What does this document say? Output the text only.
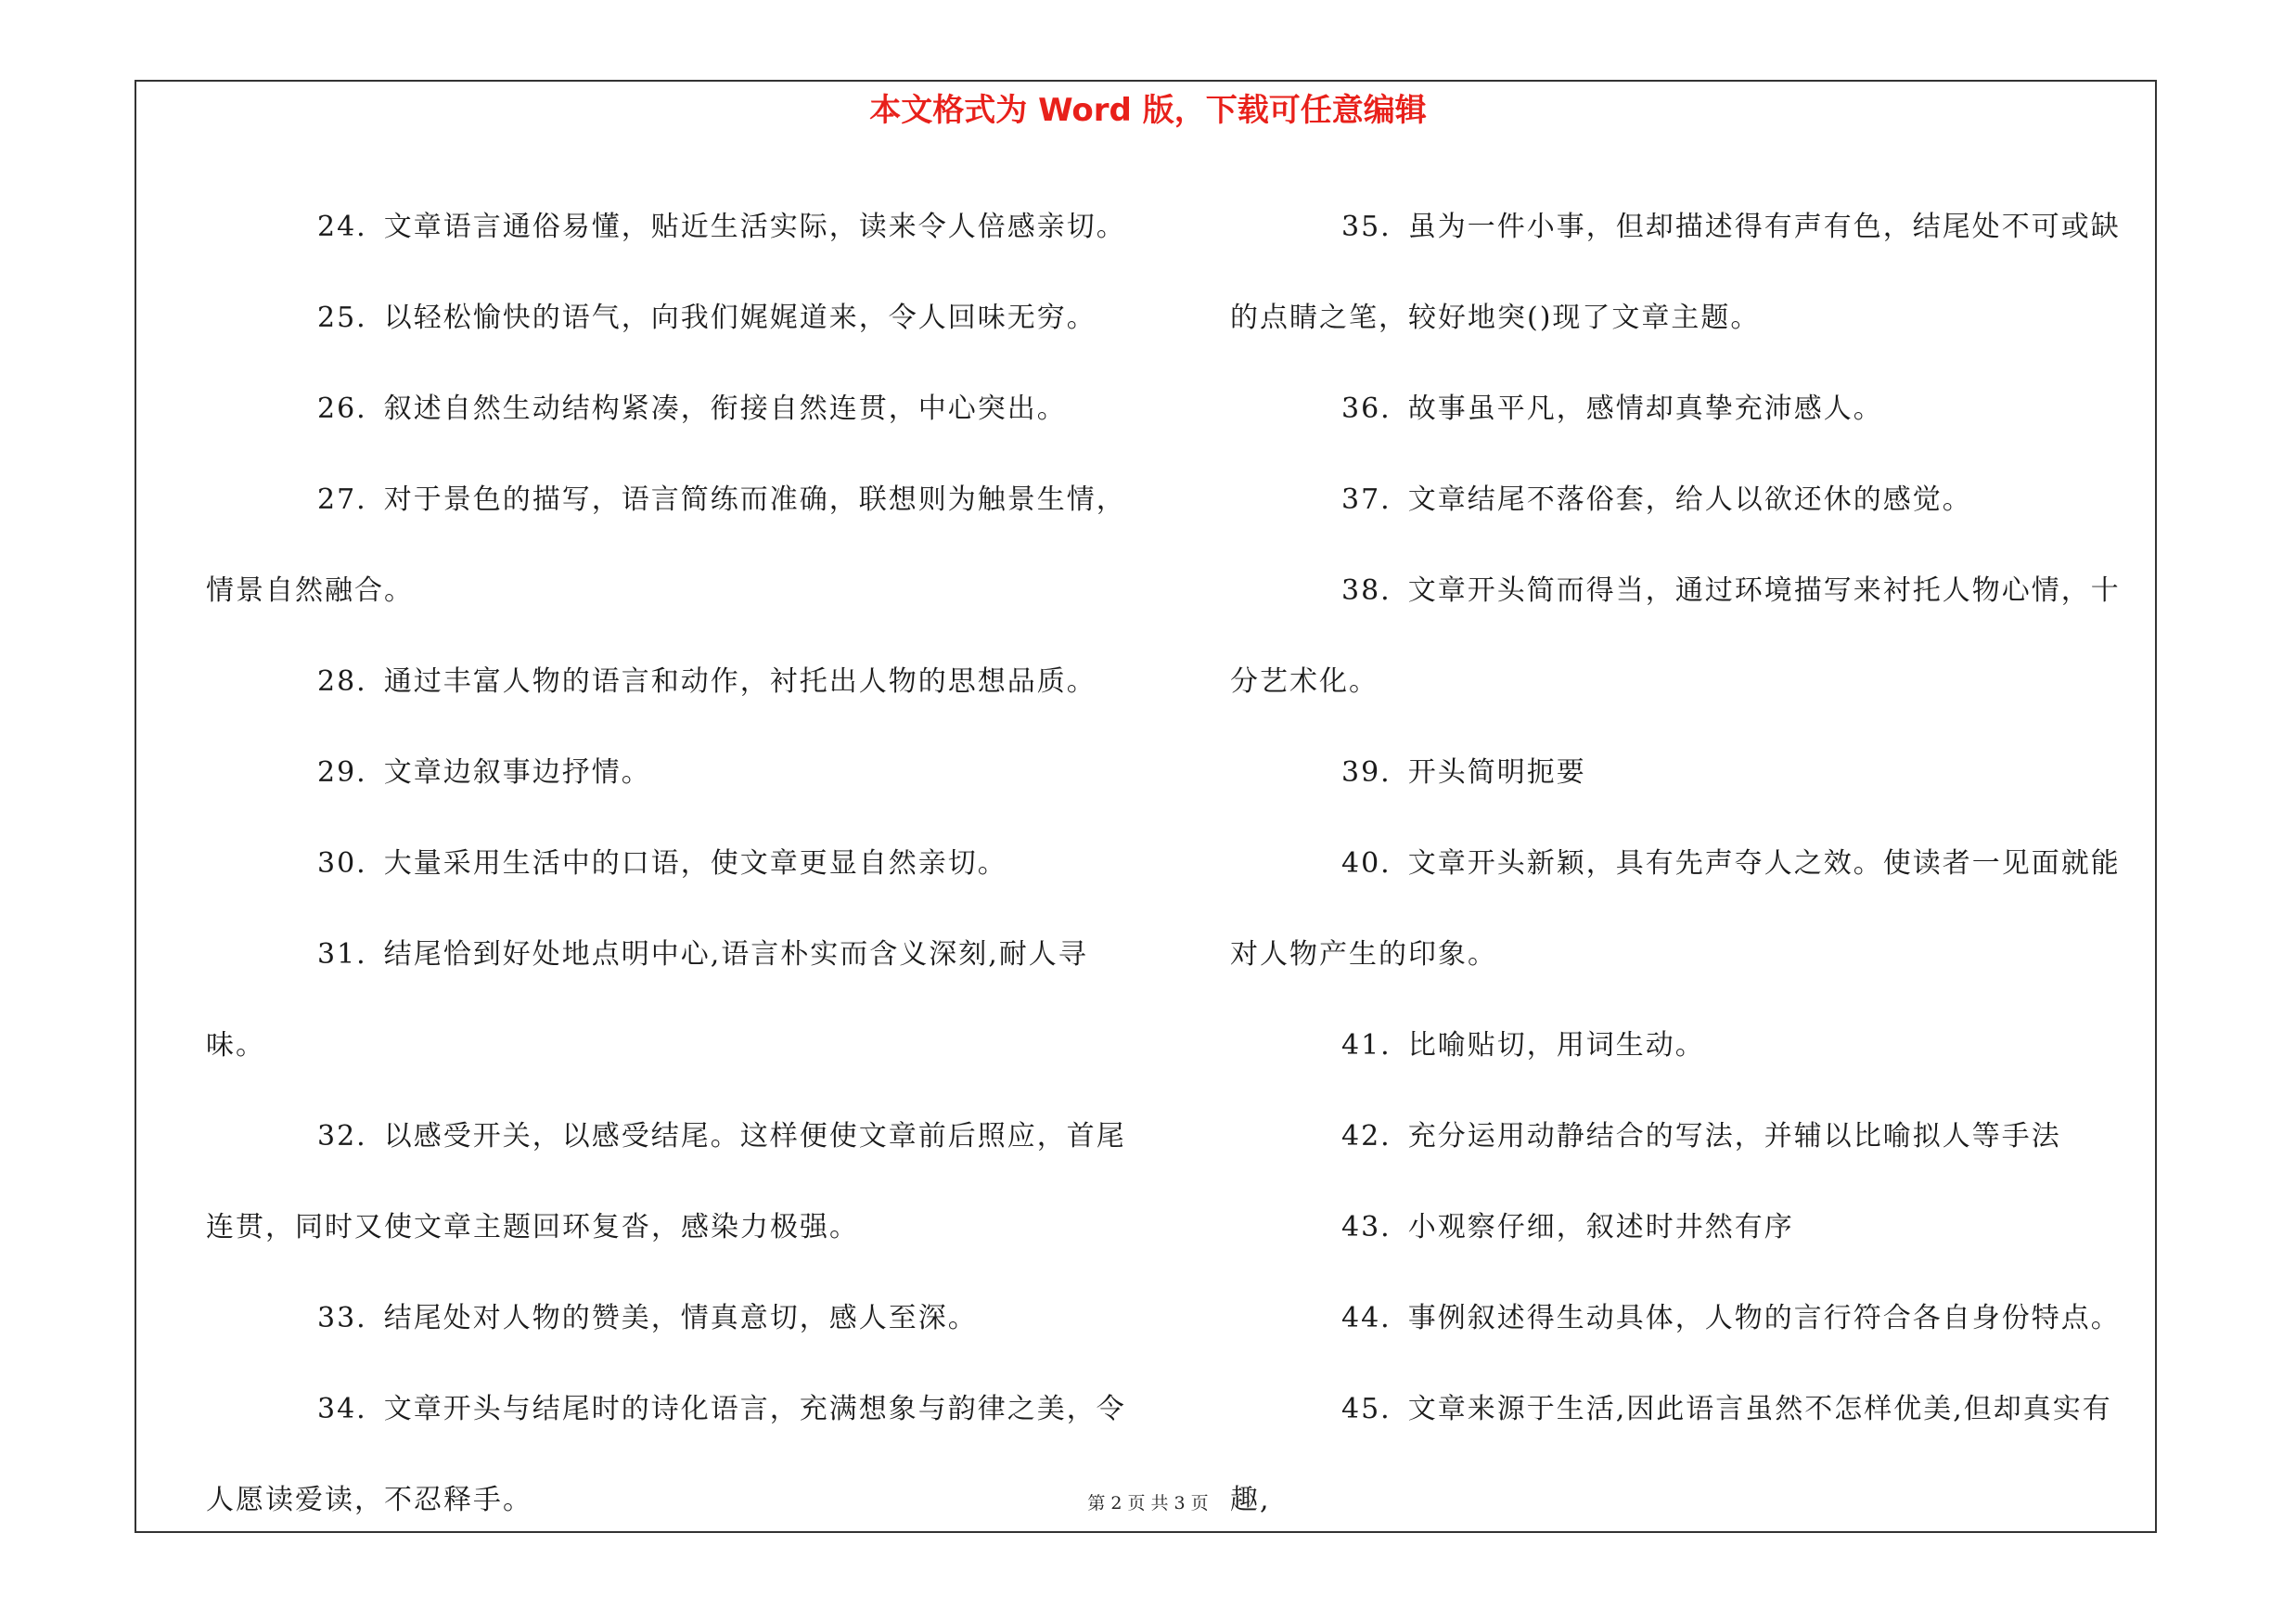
本文格式为 Word 版，下载可任意编辑

24. 文章语言通俗易懂，贴近生活实际，读来令人倍感亲切。

25. 以轻松愉快的语气，向我们娓娓道来，令人回味无穷。

26. 叙述自然生动结构紧凑，衔接自然连贯，中心突出。

27. 对于景色的描写，语言简练而准确，联想则为触景生情，情景自然融合。

28. 通过丰富人物的语言和动作，衬托出人物的思想品质。

29. 文章边叙事边抒情。

30. 大量采用生活中的口语，使文章更显自然亲切。

31. 结尾恰到好处地点明中心,语言朴实而含义深刻,耐人寻味。

32. 以感受开关，以感受结尾。这样便使文章前后照应，首尾连贯，同时又使文章主题回环复沓，感染力极强。

33. 结尾处对人物的赞美，情真意切，感人至深。

34. 文章开头与结尾时的诗化语言，充满想象与韵律之美，令人愿读爱读，不忍释手。

35. 虽为一件小事，但却描述得有声有色，结尾处不可或缺的点睛之笔，较好地突()现了文章主题。

36. 故事虽平凡，感情却真挚充沛感人。

37. 文章结尾不落俗套，给人以欲还休的感觉。

38. 文章开头简而得当，通过环境描写来衬托人物心情，十分艺术化。

39. 开头简明扼要

40. 文章开头新颖，具有先声夺人之效。使读者一见面就能对人物产生的印象。

41. 比喻贴切，用词生动。

42. 充分运用动静结合的写法，并辅以比喻拟人等手法

43. 小观察仔细，叙述时井然有序

44. 事例叙述得生动具体，人物的言行符合各自身份特点。

45. 文章来源于生活,因此语言虽然不怎样优美,但却真实有趣,

第 2 页 共 3 页
